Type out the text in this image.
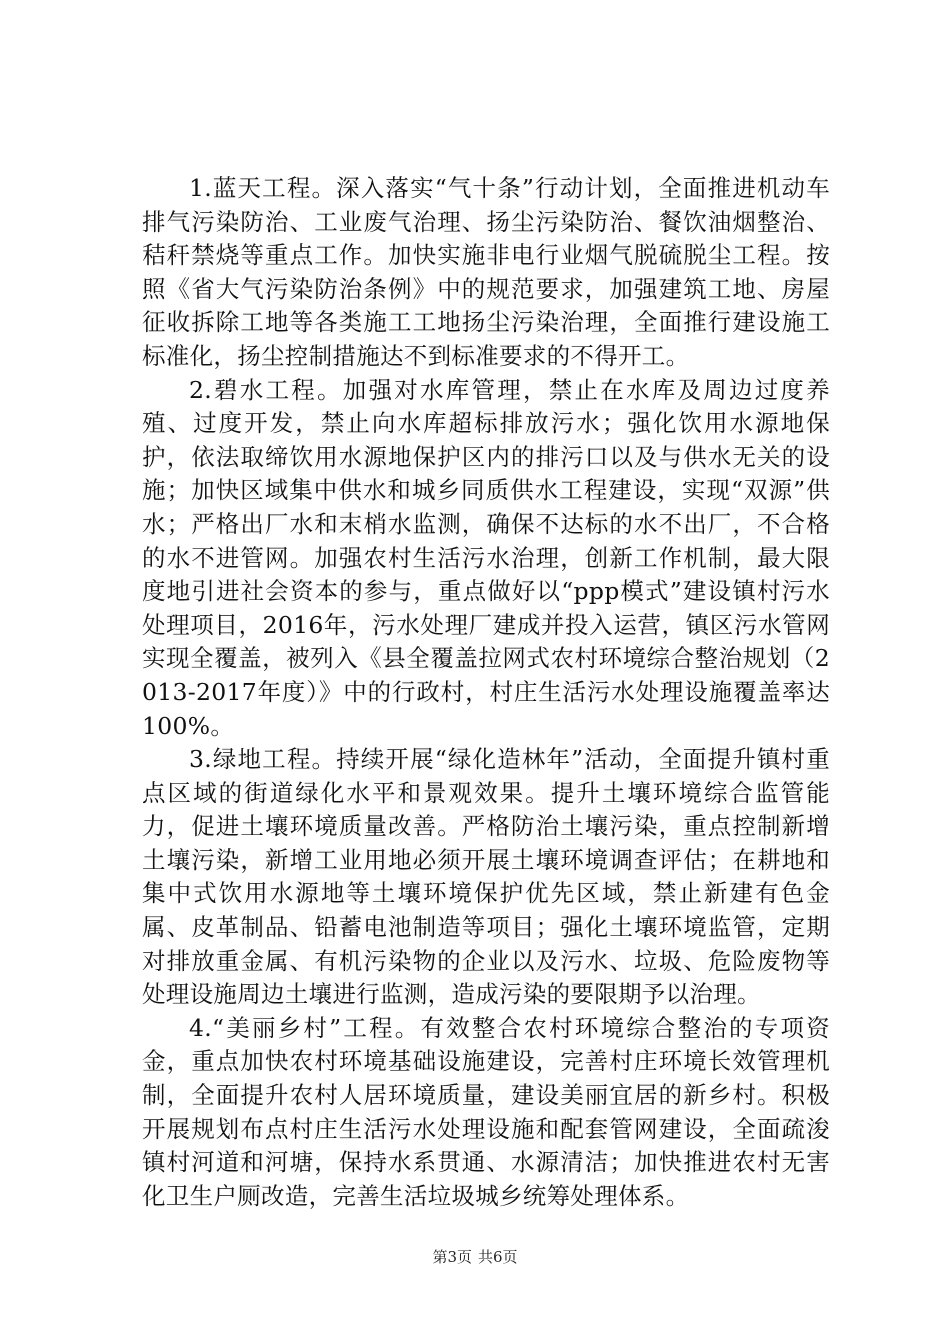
1.蓝天工程。深入落实“气十条”行动计划，全面推进机动车排气污染防治、工业废气治理、扬尘污染防治、餐饮油烟整治、秸秆禁烧等重点工作。加快实施非电行业烟气脱硫脱尘工程。按照《省大气污染防治条例》中的规范要求，加强建筑工地、房屋征收拆除工地等各类施工工地扬尘污染治理，全面推行建设施工标准化，扬尘控制措施达不到标准要求的不得开工。

2.碧水工程。加强对水库管理，禁止在水库及周边过度养殖、过度开发，禁止向水库超标排放污水；强化饮用水源地保护，依法取缔饮用水源地保护区内的排污口以及与供水无关的设施；加快区域集中供水和城乡同质供水工程建设，实现“双源”供水；严格出厂水和末梢水监测，确保不达标的水不出厂，不合格的水不进管网。加强农村生活污水治理，创新工作机制，最大限度地引进社会资本的参与，重点做好以“ppp模式”建设镇村污水处理项目，2016年，污水处理厂建成并投入运营，镇区污水管网实现全覆盖，被列入《县全覆盖拉网式农村环境综合整治规划（2013-2017年度）》中的行政村，村庄生活污水处理设施覆盖率达100%。

3.绿地工程。持续开展“绿化造林年”活动，全面提升镇村重点区域的街道绿化水平和景观效果。提升土壤环境综合监管能力，促进土壤环境质量改善。严格防治土壤污染，重点控制新增土壤污染，新增工业用地必须开展土壤环境调查评估；在耕地和集中式饮用水源地等土壤环境保护优先区域，禁止新建有色金属、皮革制品、铅蓄电池制造等项目；强化土壤环境监管，定期对排放重金属、有机污染物的企业以及污水、垃圾、危险废物等处理设施周边土壤进行监测，造成污染的要限期予以治理。

4.“美丽乡村”工程。有效整合农村环境综合整治的专项资金，重点加快农村环境基础设施建设，完善村庄环境长效管理机制，全面提升农村人居环境质量，建设美丽宜居的新乡村。积极开展规划布点村庄生活污水处理设施和配套管网建设，全面疏浚镇村河道和河塘，保持水系贯通、水源清洁；加快推进农村无害化卫生户厕改造，完善生活垃圾城乡统筹处理体系。

第3页 共6页
